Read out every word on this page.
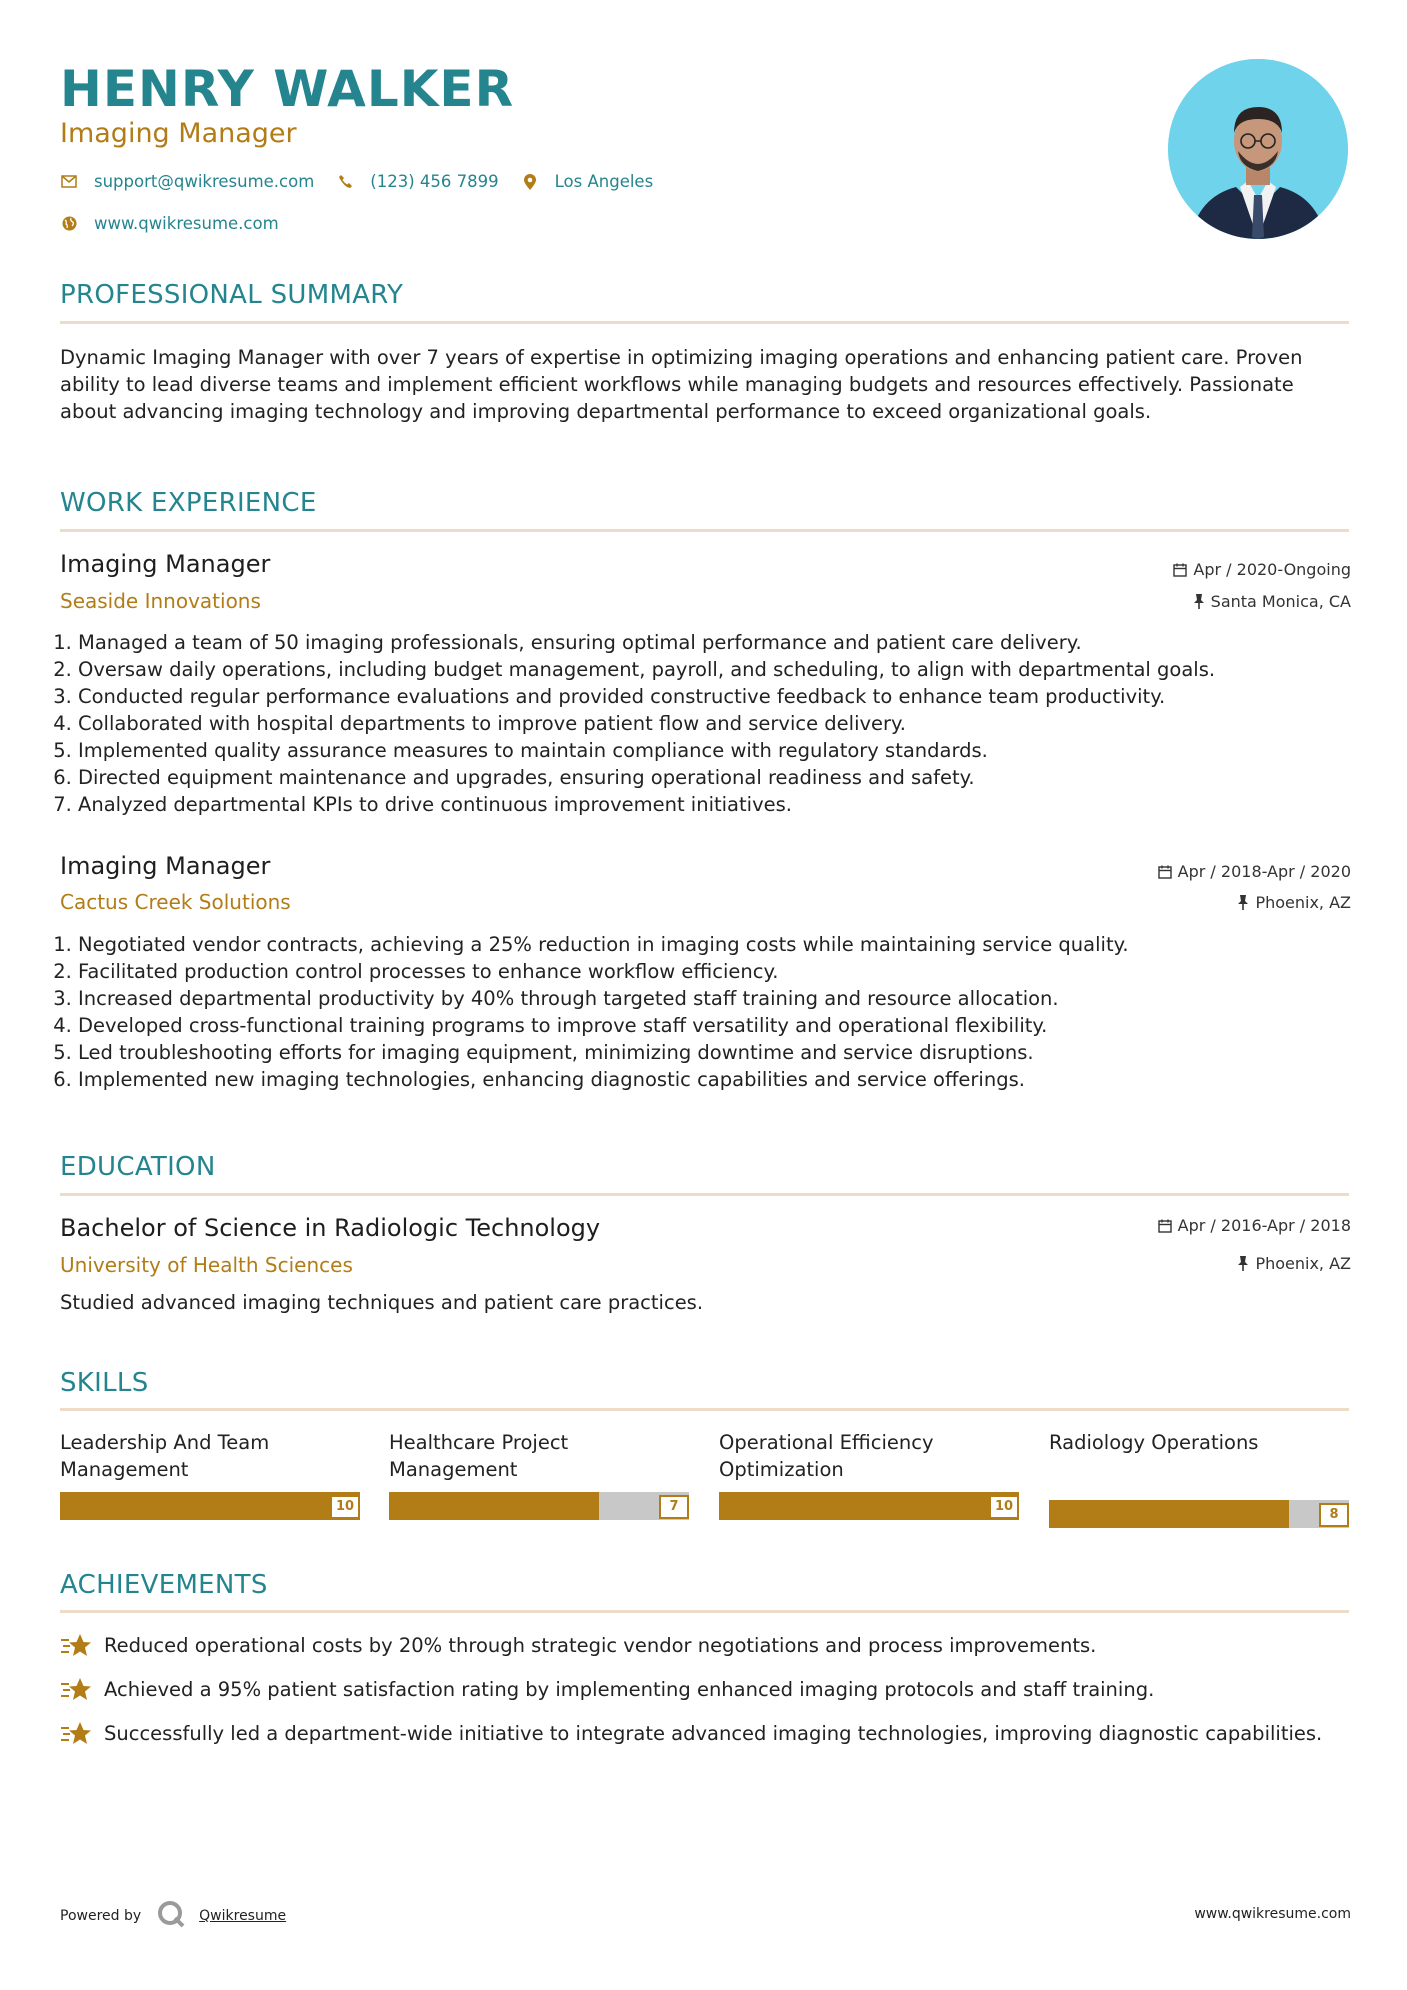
HENRY WALKER
Imaging Manager
support@qwikresume.com	(123) 456 7899	Los Angeles
www.qwikresume.com
PROFESSIONAL SUMMARY

Dynamic Imaging Manager with over 7 years of expertise in optimizing imaging operations and enhancing patient care. Proven ability to lead diverse teams and implement efficient workflows while managing budgets and resources effectively. Passionate about advancing imaging technology and improving departmental performance to exceed organizational goals.

WORK EXPERIENCE
Imaging Manager
Seaside Innovations
Apr / 2020-Ongoing
Santa Monica, CA
1. Managed a team of 50 imaging professionals, ensuring optimal performance and patient care delivery.
2. Oversaw daily operations, including budget management, payroll, and scheduling, to align with departmental goals.
3. Conducted regular performance evaluations and provided constructive feedback to enhance team productivity.
4. Collaborated with hospital departments to improve patient flow and service delivery.
5. Implemented quality assurance measures to maintain compliance with regulatory standards.
6. Directed equipment maintenance and upgrades, ensuring operational readiness and safety.
7. Analyzed departmental KPIs to drive continuous improvement initiatives.
Imaging Manager
Cactus Creek Solutions
Apr / 2018-Apr / 2020
Phoenix, AZ
1. Negotiated vendor contracts, achieving a 25% reduction in imaging costs while maintaining service quality.
2. Facilitated production control processes to enhance workflow efficiency.
3. Increased departmental productivity by 40% through targeted staff training and resource allocation.
4. Developed cross-functional training programs to improve staff versatility and operational flexibility.
5. Led troubleshooting efforts for imaging equipment, minimizing downtime and service disruptions.
6. Implemented new imaging technologies, enhancing diagnostic capabilities and service offerings.
EDUCATION
Bachelor of Science in Radiologic Technology
University of Health Sciences
Apr / 2016-Apr / 2018
Phoenix, AZ

Studied advanced imaging techniques and patient care practices.

SKILLS
Leadership And Team Management
10
Healthcare Project Management
7
Operational Efficiency Optimization
10
Radiology Operations
8
ACHIEVEMENTS
Reduced operational costs by 20% through strategic vendor negotiations and process improvements.
Achieved a 95% patient satisfaction rating by implementing enhanced imaging protocols and staff training.
Successfully led a department-wide initiative to integrate advanced imaging technologies, improving diagnostic capabilities.
Powered by	Qwikresume	www.qwikresume.com
